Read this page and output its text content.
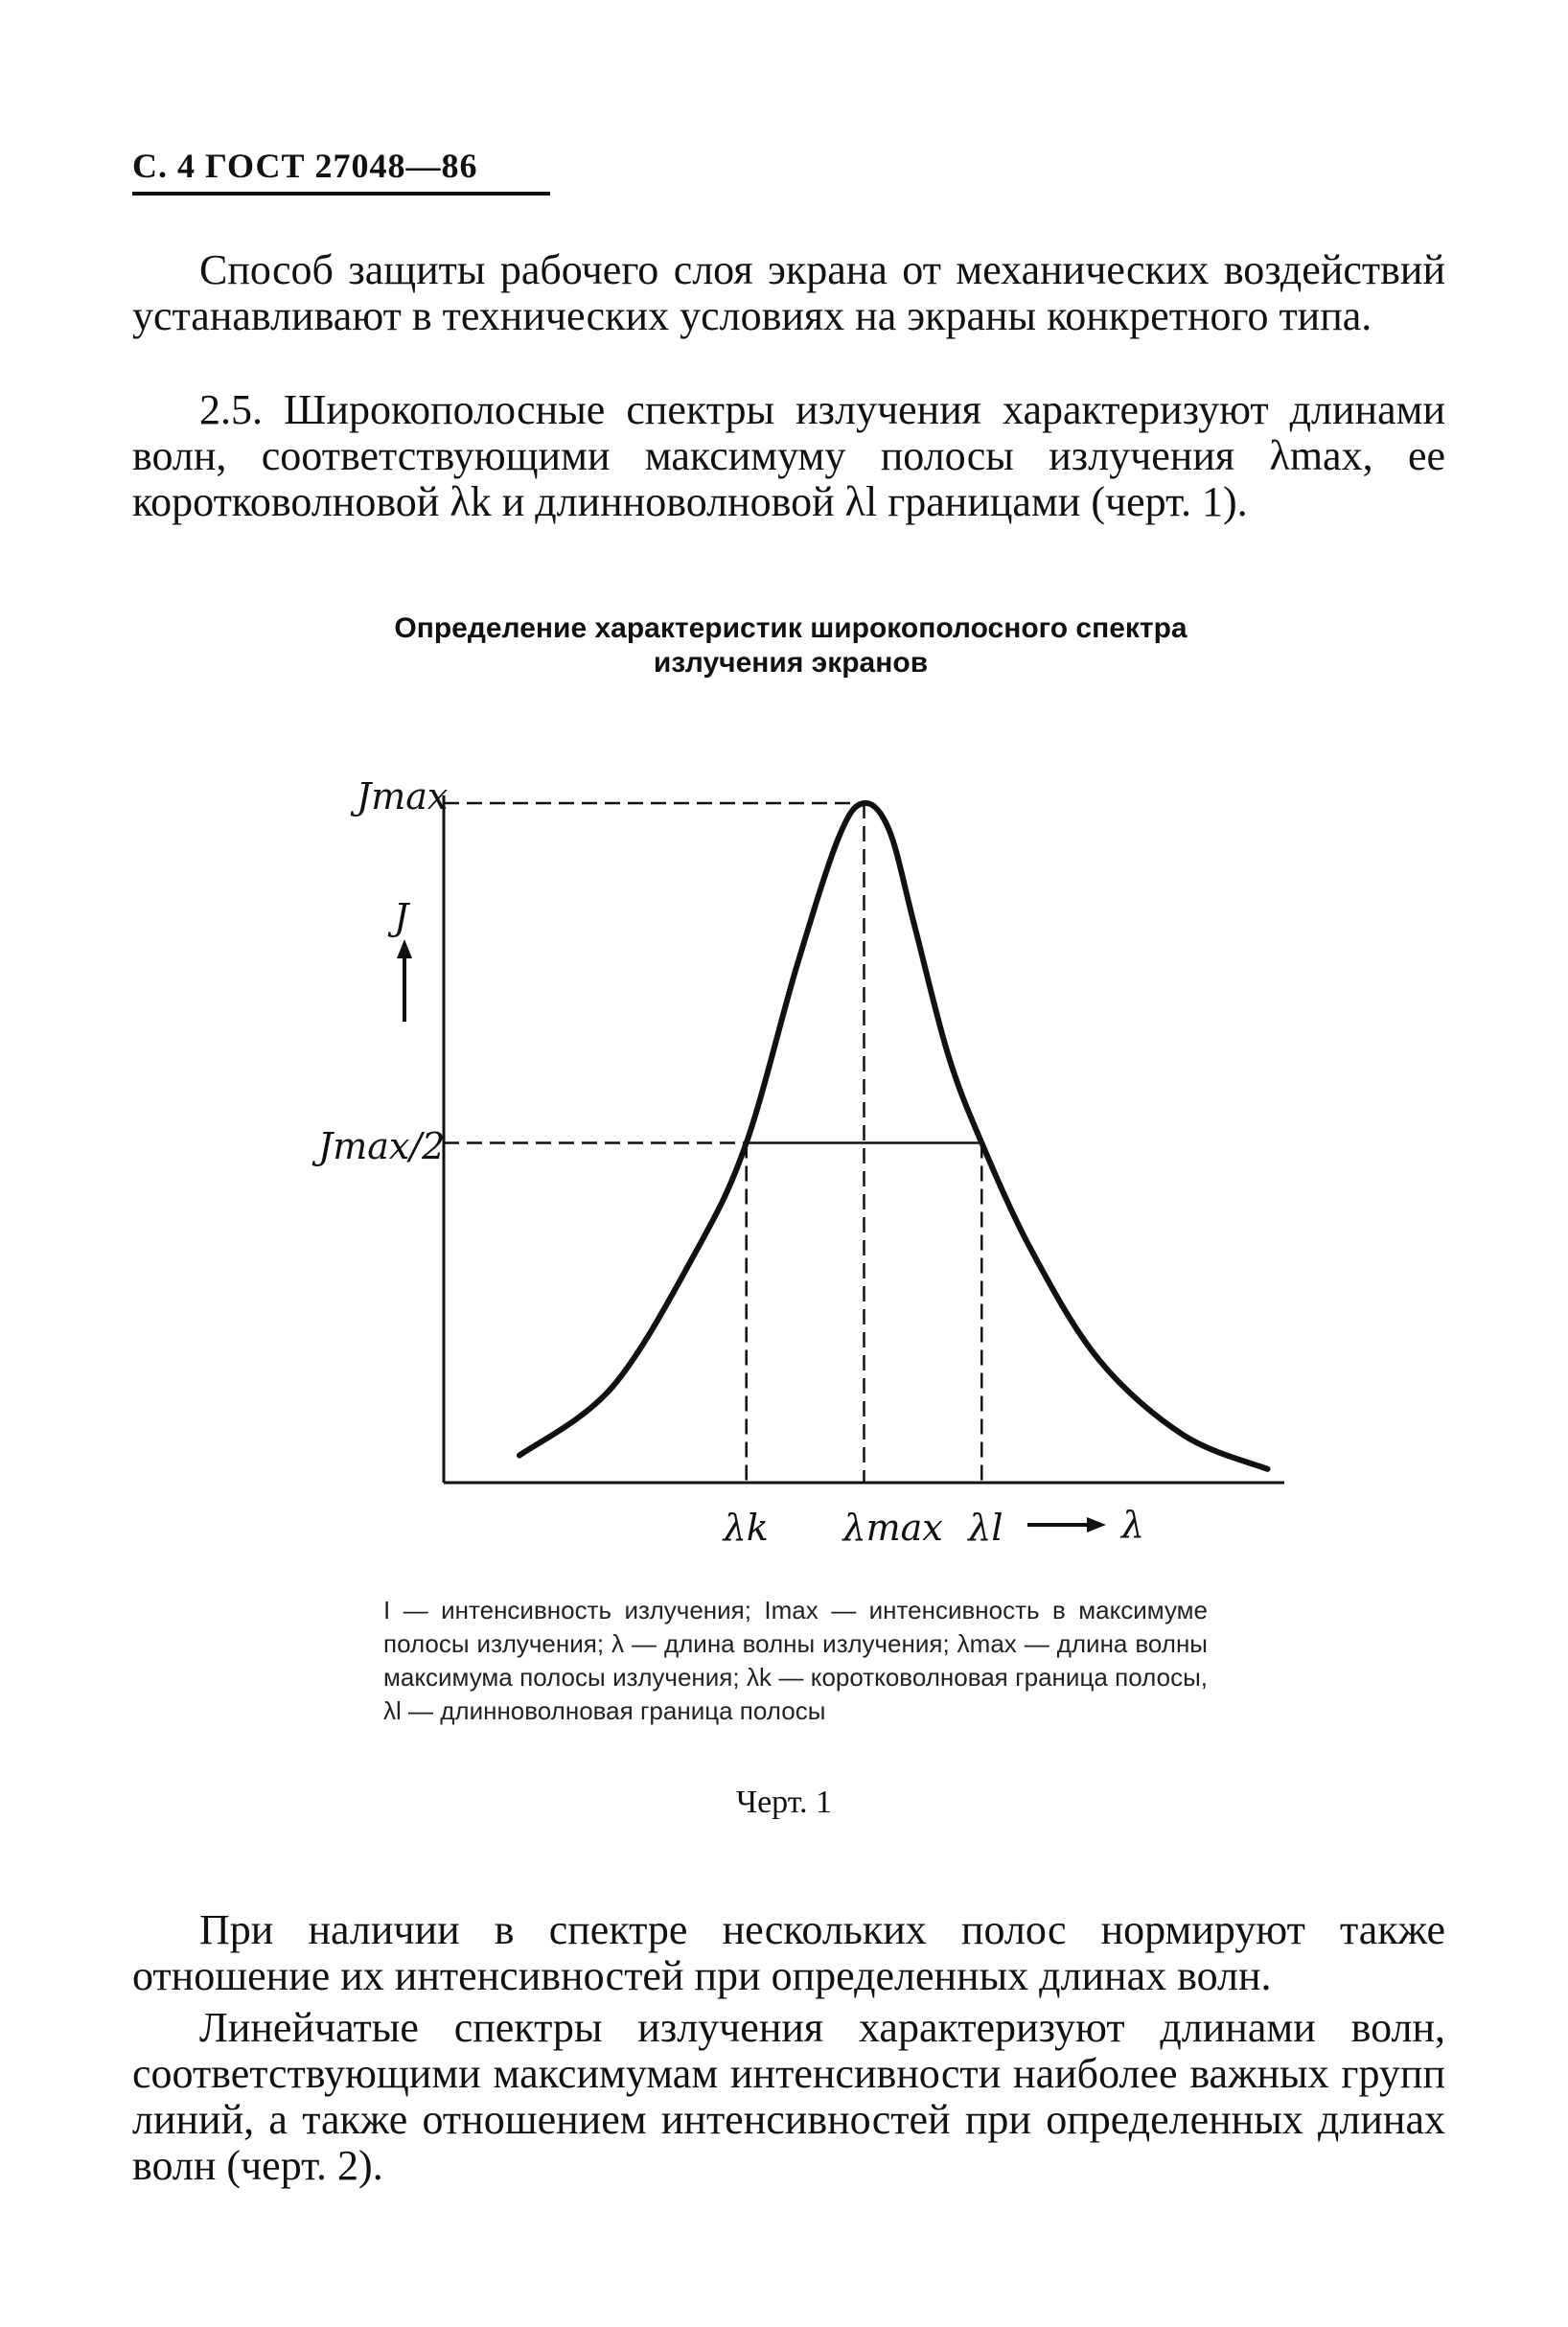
С. 4 ГОСТ 27048—86
Способ защиты рабочего слоя экрана от механических воздействий устанавливают в технических условиях на экраны конкретного типа.
2.5. Широкополосные спектры излучения характеризуют длинами волн, соответствующими максимуму полосы излучения λmax, ее коротковолновой λk и длинноволновой λl границами (черт. 1).
Определение характеристик широкополосного спектра излучения экранов
Jmax
Jmax/2
J
λk λmax λl	λ
I — интенсивность излучения; Imax — интенсивность в максимуме полосы излучения; λ — длина волны излучения; λmax — длина волны максимума полосы излучения; λk — коротковолновая граница полосы, λl — длинноволновая граница полосы
Черт. 1
При наличии в спектре нескольких полос нормируют также отношение их интенсивностей при определенных длинах волн.
Линейчатые спектры излучения характеризуют длинами волн, соответствующими максимумам интенсивности наиболее важных групп линий, а также отношением интенсивностей при определенных длинах волн (черт. 2).
